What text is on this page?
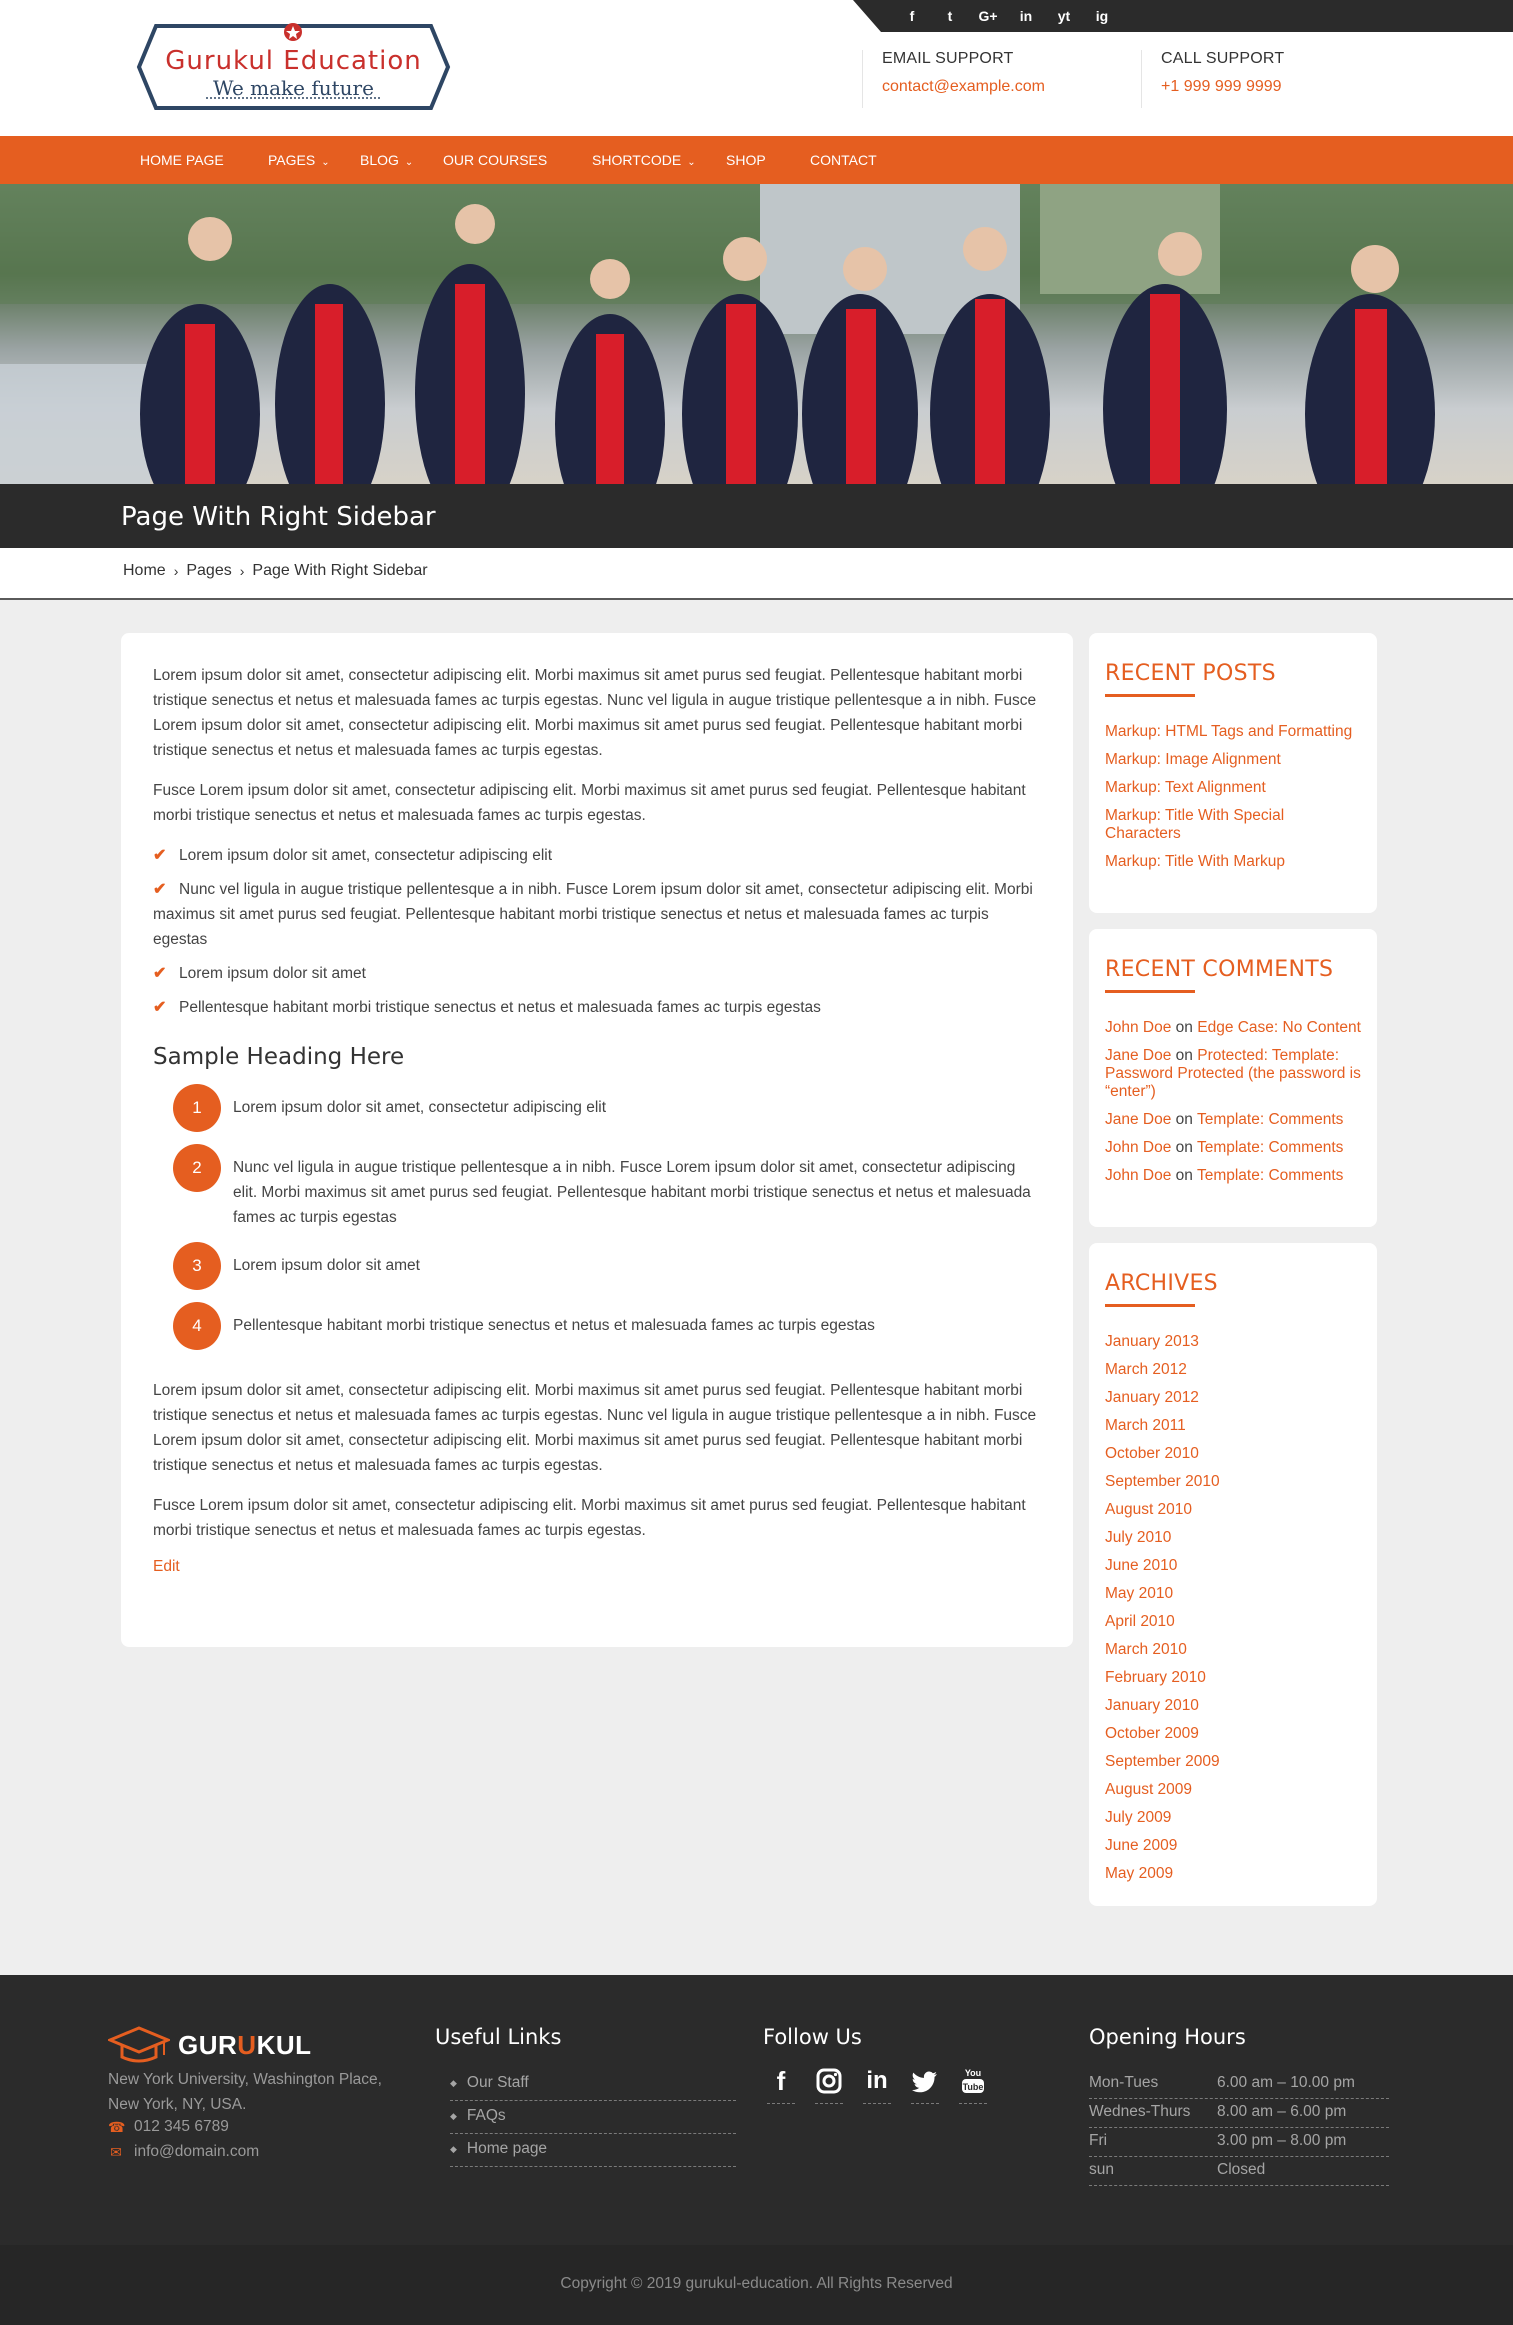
f	t	G+ in yt ig
Gurukul Education
We make future
EMAIL SUPPORT
contact@example.com
CALL SUPPORT
+1 999 999 9999
HOME PAGE	PAGES ⌄ BLOG ⌄ OUR COURSES	SHORTCODE ⌄ SHOP	CONTACT
Page With Right Sidebar
Home › Pages › Page With Right Sidebar

Lorem ipsum dolor sit amet, consectetur adipiscing elit. Morbi maximus sit amet purus sed feugiat. Pellentesque habitant morbi tristique senectus et netus et malesuada fames ac turpis egestas. Nunc vel ligula in augue tristique pellentesque a in nibh. Fusce Lorem ipsum dolor sit amet, consectetur adipiscing elit. Morbi maximus sit amet purus sed feugiat. Pellentesque habitant morbi tristique senectus et netus et malesuada fames ac turpis egestas.

Fusce Lorem ipsum dolor sit amet, consectetur adipiscing elit. Morbi maximus sit amet purus sed feugiat. Pellentesque habitant morbi tristique senectus et netus et malesuada fames ac turpis egestas.

✔ Lorem ipsum dolor sit amet, consectetur adipiscing elit
✔ Nunc vel ligula in augue tristique pellentesque a in nibh. Fusce Lorem ipsum dolor sit amet, consectetur adipiscing elit. Morbi maximus sit amet purus sed feugiat. Pellentesque habitant morbi tristique senectus et netus et malesuada fames ac turpis egestas
✔ Lorem ipsum dolor sit amet
✔ Pellentesque habitant morbi tristique senectus et netus et malesuada fames ac turpis egestas
Sample Heading Here
1	Lorem ipsum dolor sit amet, consectetur adipiscing elit
2	Nunc vel ligula in augue tristique pellentesque a in nibh. Fusce Lorem ipsum dolor sit amet, consectetur adipiscing elit. Morbi maximus sit amet purus sed feugiat. Pellentesque habitant morbi tristique senectus et netus et malesuada fames ac turpis egestas
3	Lorem ipsum dolor sit amet
4	Pellentesque habitant morbi tristique senectus et netus et malesuada fames ac turpis egestas

Lorem ipsum dolor sit amet, consectetur adipiscing elit. Morbi maximus sit amet purus sed feugiat. Pellentesque habitant morbi tristique senectus et netus et malesuada fames ac turpis egestas. Nunc vel ligula in augue tristique pellentesque a in nibh. Fusce Lorem ipsum dolor sit amet, consectetur adipiscing elit. Morbi maximus sit amet purus sed feugiat. Pellentesque habitant morbi tristique senectus et netus et malesuada fames ac turpis egestas.

Fusce Lorem ipsum dolor sit amet, consectetur adipiscing elit. Morbi maximus sit amet purus sed feugiat. Pellentesque habitant morbi tristique senectus et netus et malesuada fames ac turpis egestas.

Edit
RECENT POSTS
Markup: HTML Tags and Formatting
Markup: Image Alignment
Markup: Text Alignment
Markup: Title With Special Characters
Markup: Title With Markup
RECENT COMMENTS
John Doe on Edge Case: No Content
Jane Doe on Protected: Template: Password Protected (the password is “enter”)
Jane Doe on Template: Comments
John Doe on Template: Comments
John Doe on Template: Comments
ARCHIVES
January 2013
March 2012
January 2012
March 2011
October 2010
September 2010
August 2010
July 2010
June 2010
May 2010
April 2010
March 2010
February 2010
January 2010
October 2009
September 2009
August 2009
July 2009
June 2009
May 2009
GURUKUL
New York University, Washington Place,
New York, NY, USA.
☎ 012 345 6789
✉ info@domain.com
Useful Links
◆ Our Staff
◆ FAQs
◆ Home page
Follow Us	Opening Hours
Mon-Tues	6.00 am – 10.00 pm
Wednes-Thurs 8.00 am – 6.00 pm
Fri	3.00 pm – 8.00 pm
sun	Closed
f	in	You
Tube
Copyright © 2019 gurukul-education. All Rights Reserved
